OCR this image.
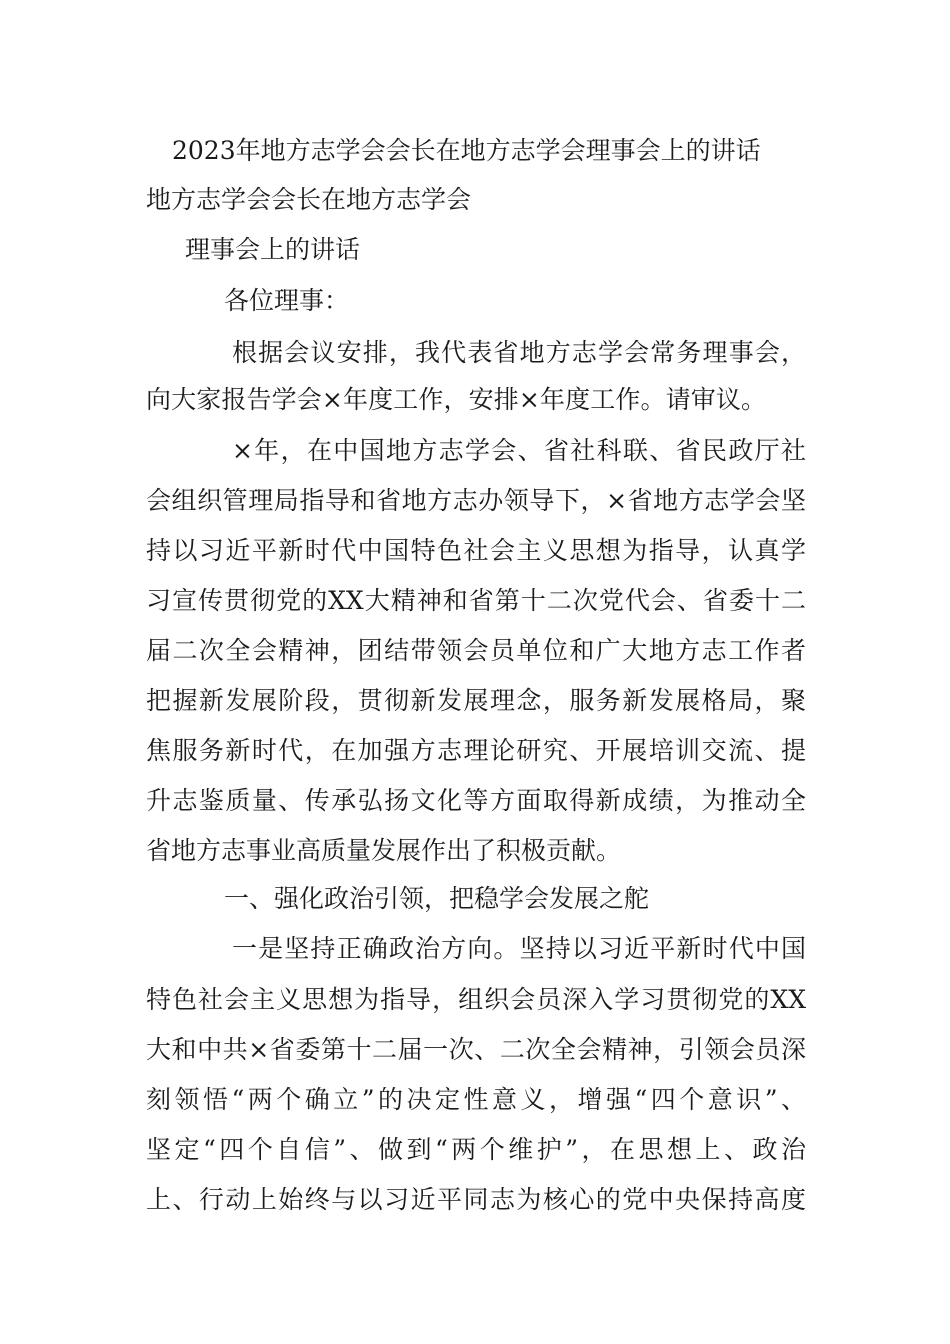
2023年地方志学会会长在地方志学会理事会上的讲话
地方志学会会长在地方志学会
理事会上的讲话
各位理事：
根据会议安排，我代表省地方志学会常务理事会，
向大家报告学会×年度工作，安排×年度工作。请审议。
×年，在中国地方志学会、省社科联、省民政厅社
会组织管理局指导和省地方志办领导下，×省地方志学会坚
持以习近平新时代中国特色社会主义思想为指导，认真学
习宣传贯彻党的XX大精神和省第十二次党代会、省委十二
届二次全会精神，团结带领会员单位和广大地方志工作者
把握新发展阶段，贯彻新发展理念，服务新发展格局，聚
焦服务新时代，在加强方志理论研究、开展培训交流、提
升志鉴质量、传承弘扬文化等方面取得新成绩，为推动全
省地方志事业高质量发展作出了积极贡献。
一、强化政治引领，把稳学会发展之舵
一是坚持正确政治方向。坚持以习近平新时代中国
特色社会主义思想为指导，组织会员深入学习贯彻党的XX
大和中共×省委第十二届一次、二次全会精神，引领会员深
刻领悟“两个确立”的决定性意义，增强“四个意识”、
坚定“四个自信”、做到“两个维护”，在思想上、政治
上、行动上始终与以习近平同志为核心的党中央保持高度
